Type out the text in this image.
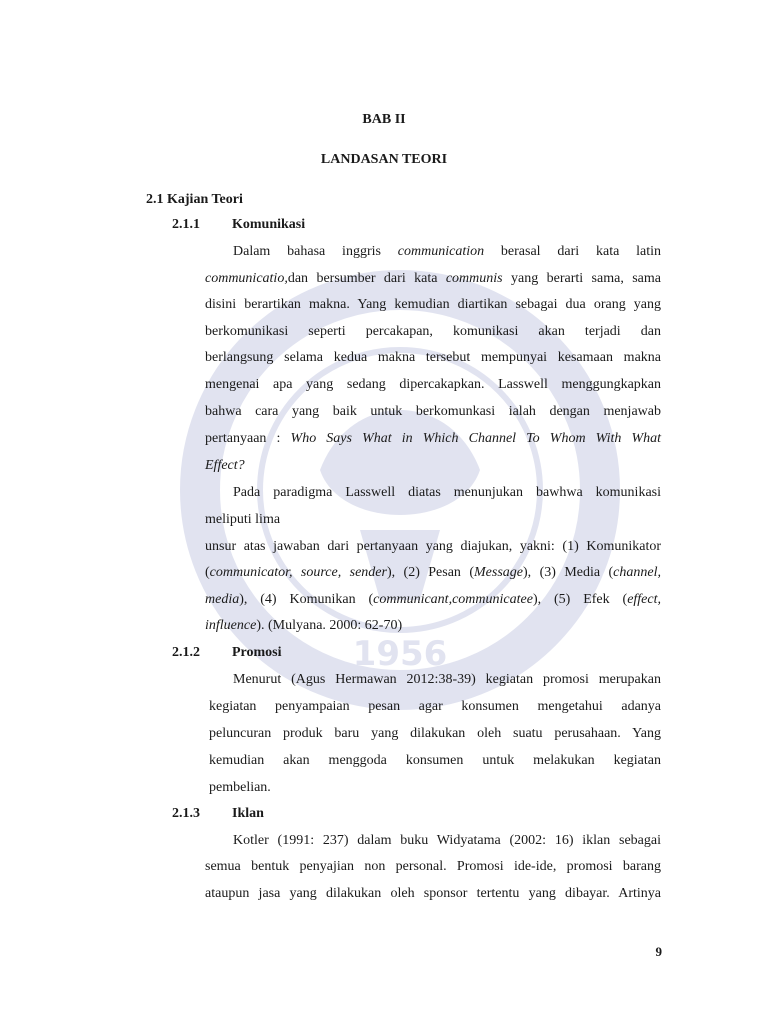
1956
BAB II
LANDASAN TEORI
2.1 Kajian Teori
2.1.1 Komunikasi
Dalam bahasa inggris communication berasal dari kata latin
communicatio,dan bersumber dari kata communis yang berarti sama, sama
disini berartikan makna. Yang kemudian diartikan sebagai dua orang yang
berkomunikasi seperti percakapan, komunikasi akan terjadi dan
berlangsung selama kedua makna tersebut mempunyai kesamaan makna
mengenai apa yang sedang dipercakapkan. Lasswell menggungkapkan
bahwa cara yang baik untuk berkomunkasi ialah dengan menjawab
pertanyaan : Who Says What in Which Channel To Whom With What
Effect?
Pada paradigma Lasswell diatas menunjukan bawhwa komunikasi
meliputi lima
unsur atas jawaban dari pertanyaan yang diajukan, yakni: (1) Komunikator
(communicator, source, sender), (2) Pesan (Message), (3) Media (channel,
media), (4) Komunikan (communicant,communicatee), (5) Efek (effect,
influence). (Mulyana. 2000: 62-70)
2.1.2 Promosi
Menurut (Agus Hermawan 2012:38-39) kegiatan promosi merupakan
kegiatan penyampaian pesan agar konsumen mengetahui adanya
peluncuran produk baru yang dilakukan oleh suatu perusahaan. Yang
kemudian akan menggoda konsumen untuk melakukan kegiatan
pembelian.
2.1.3 Iklan
Kotler (1991: 237) dalam buku Widyatama (2002: 16) iklan sebagai
semua bentuk penyajian non personal. Promosi ide-ide, promosi barang
ataupun jasa yang dilakukan oleh sponsor tertentu yang dibayar. Artinya
9
